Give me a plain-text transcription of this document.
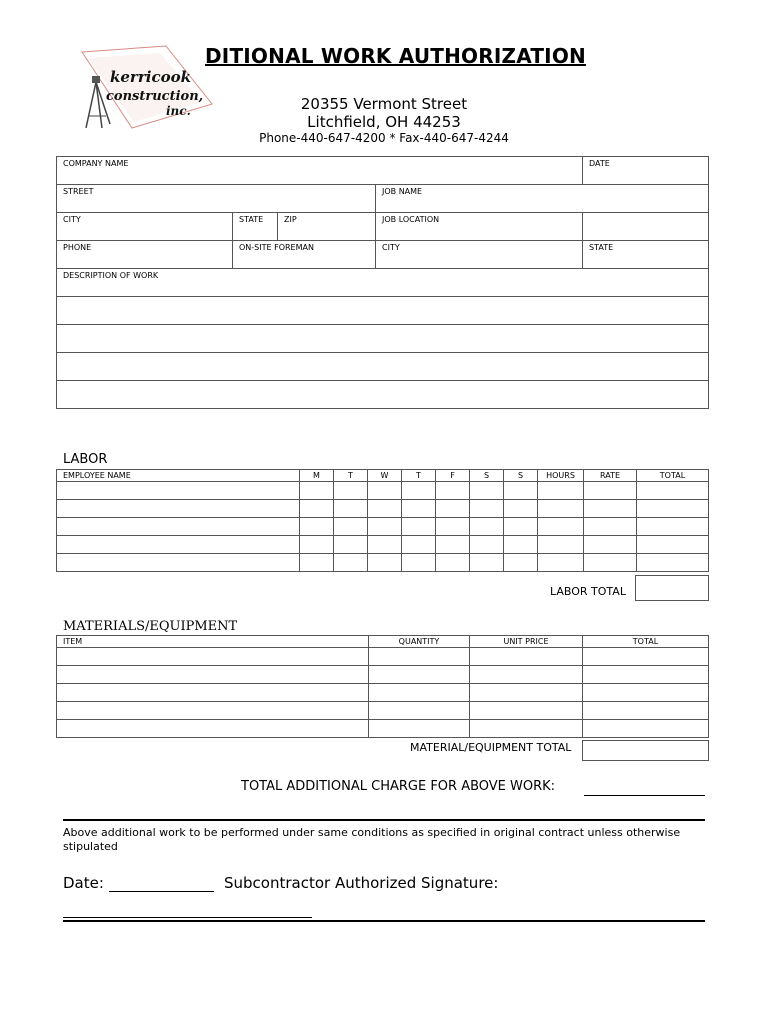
kerricook
construction,
inc.
DITIONAL WORK AUTHORIZATION
20355 Vermont Street
Litchfield, OH 44253
Phone-440-647-4200 * Fax-440-647-4244
COMPANY NAME				DATE

STREET			JOB NAME	

CITY	STATE	ZIP	JOB LOCATION	

PHONE	ON-SITE FOREMAN		CITY	STATE

DESCRIPTION OF WORK				

LABOR
EMPLOYEE NAME	M	T	W	T	F	S	S	HOURS	RATE	TOTAL

LABOR TOTAL
MATERIALS/EQUIPMENT
ITEM	QUANTITY	UNIT PRICE	TOTAL

MATERIAL/EQUIPMENT TOTAL
TOTAL ADDITIONAL CHARGE FOR ABOVE WORK:
Above additional work to be performed under same conditions as specified in original contract unless otherwise stipulated
Date:	Subcontractor Authorized Signature:
